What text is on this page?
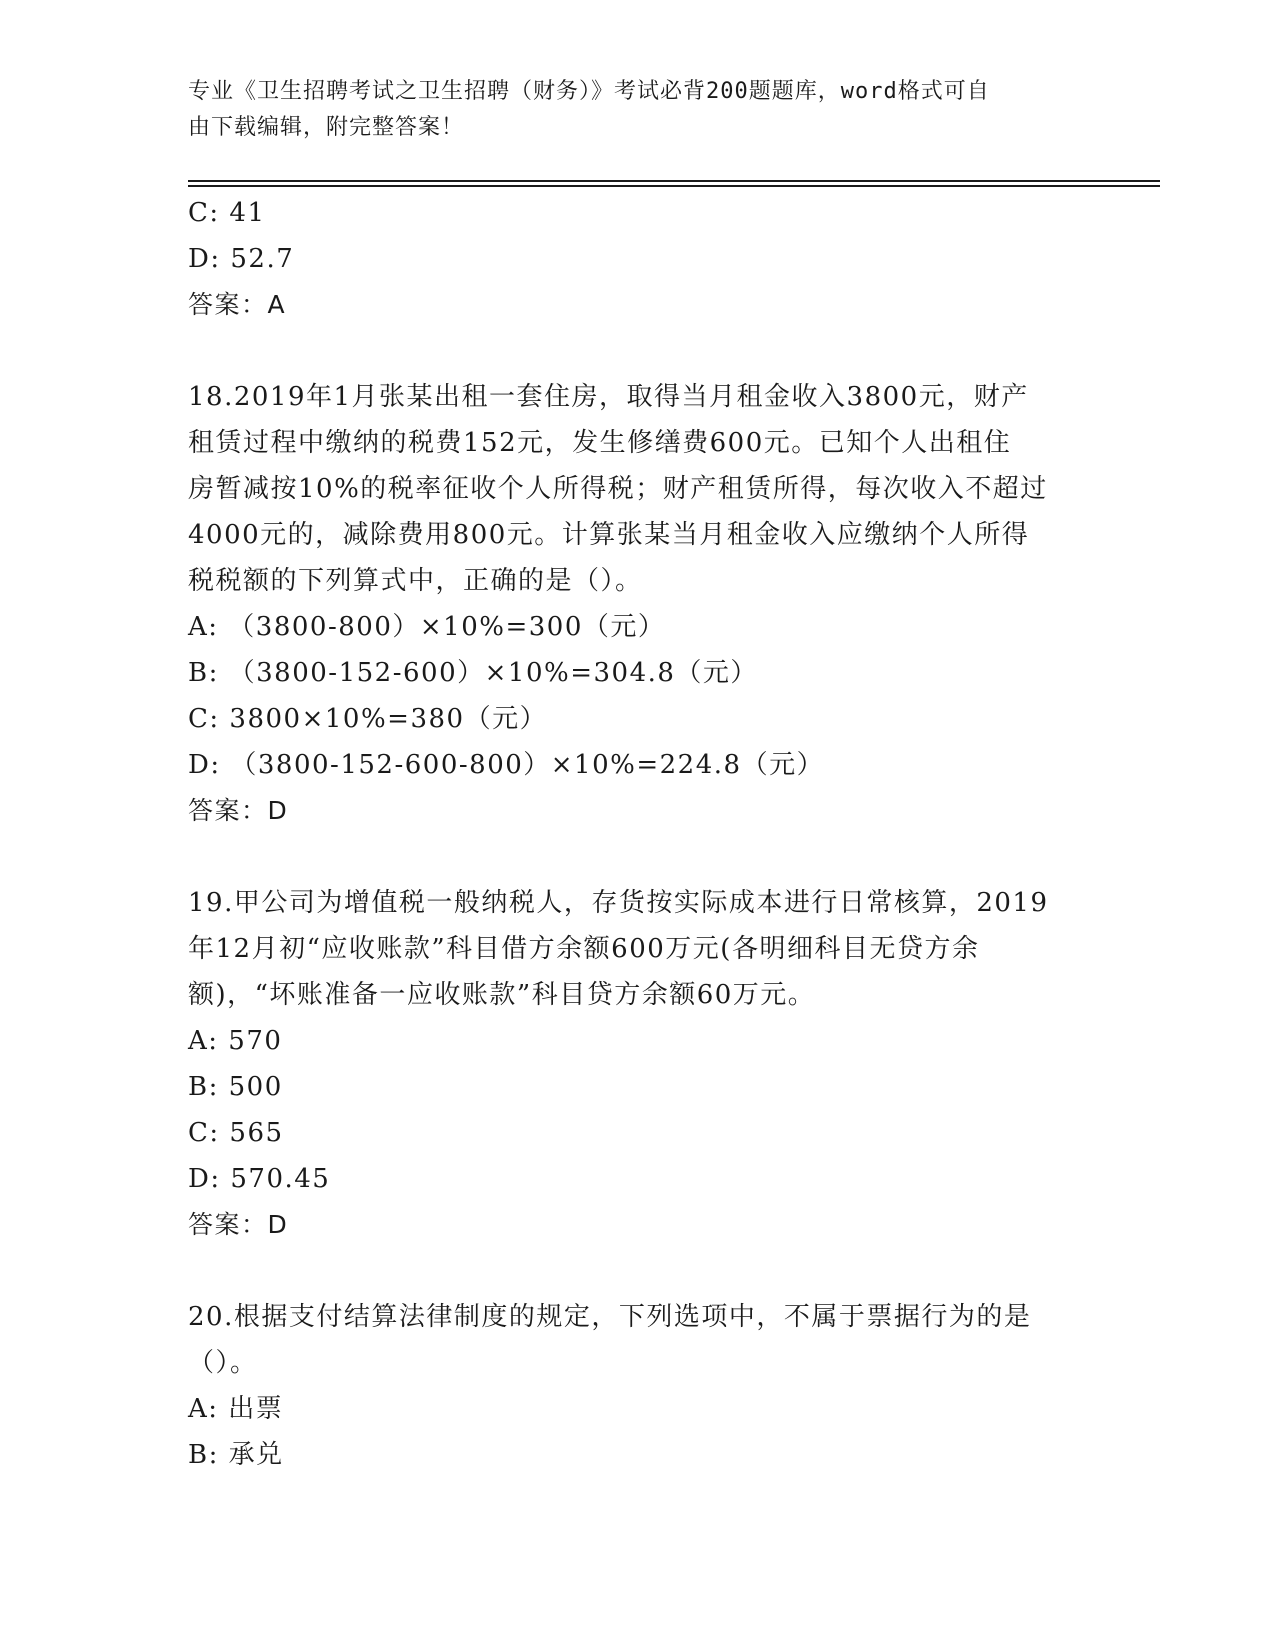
专业《卫生招聘考试之卫生招聘（财务）》考试必背200题题库，word格式可自
由下载编辑，附完整答案！
C: 41
D: 52.7
答案：A
18.2019年1月张某出租一套住房，取得当月租金收入3800元，财产
租赁过程中缴纳的税费152元，发生修缮费600元。已知个人出租住
房暂减按10%的税率征收个人所得税；财产租赁所得，每次收入不超过
4000元的，减除费用800元。计算张某当月租金收入应缴纳个人所得
税税额的下列算式中，正确的是（）。
A: （3800-800）×10%=300（元）
B: （3800-152-600）×10%=304.8（元）
C: 3800×10%=380（元）
D: （3800-152-600-800）×10%=224.8（元）
答案：D
19.甲公司为增值税一般纳税人，存货按实际成本进行日常核算，2019
年12月初“应收账款”科目借方余额600万元(各明细科目无贷方余
额)，“坏账准备一应收账款”科目贷方余额60万元。
A: 570
B: 500
C: 565
D: 570.45
答案：D
20.根据支付结算法律制度的规定，下列选项中，不属于票据行为的是
（）。
A: 出票
B: 承兑
